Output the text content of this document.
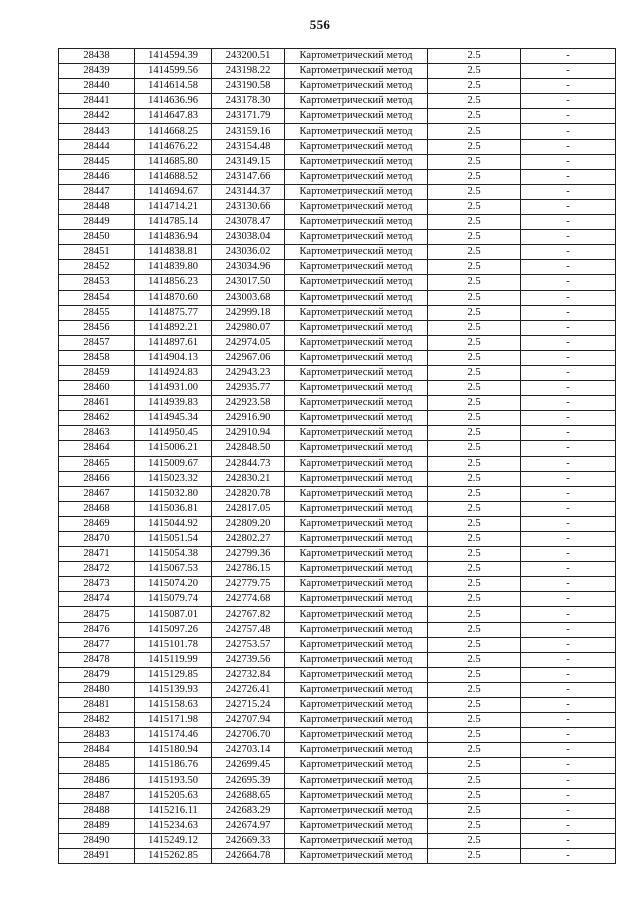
556
28438	1414594.39	243200.51	Картометрический метод	2.5	-
28439	1414599.56	243198.22	Картометрический метод	2.5	-
28440	1414614.58	243190.58	Картометрический метод	2.5	-
28441	1414636.96	243178.30	Картометрический метод	2.5	-
28442	1414647.83	243171.79	Картометрический метод	2.5	-
28443	1414668.25	243159.16	Картометрический метод	2.5	-
28444	1414676.22	243154.48	Картометрический метод	2.5	-
28445	1414685.80	243149.15	Картометрический метод	2.5	-
28446	1414688.52	243147.66	Картометрический метод	2.5	-
28447	1414694.67	243144.37	Картометрический метод	2.5	-
28448	1414714.21	243130.66	Картометрический метод	2.5	-
28449	1414785.14	243078.47	Картометрический метод	2.5	-
28450	1414836.94	243038.04	Картометрический метод	2.5	-
28451	1414838.81	243036.02	Картометрический метод	2.5	-
28452	1414839.80	243034.96	Картометрический метод	2.5	-
28453	1414856.23	243017.50	Картометрический метод	2.5	-
28454	1414870.60	243003.68	Картометрический метод	2.5	-
28455	1414875.77	242999.18	Картометрический метод	2.5	-
28456	1414892.21	242980.07	Картометрический метод	2.5	-
28457	1414897.61	242974.05	Картометрический метод	2.5	-
28458	1414904.13	242967.06	Картометрический метод	2.5	-
28459	1414924.83	242943.23	Картометрический метод	2.5	-
28460	1414931.00	242935.77	Картометрический метод	2.5	-
28461	1414939.83	242923.58	Картометрический метод	2.5	-
28462	1414945.34	242916.90	Картометрический метод	2.5	-
28463	1414950.45	242910.94	Картометрический метод	2.5	-
28464	1415006.21	242848.50	Картометрический метод	2.5	-
28465	1415009.67	242844.73	Картометрический метод	2.5	-
28466	1415023.32	242830.21	Картометрический метод	2.5	-
28467	1415032.80	242820.78	Картометрический метод	2.5	-
28468	1415036.81	242817.05	Картометрический метод	2.5	-
28469	1415044.92	242809.20	Картометрический метод	2.5	-
28470	1415051.54	242802.27	Картометрический метод	2.5	-
28471	1415054.38	242799.36	Картометрический метод	2.5	-
28472	1415067.53	242786.15	Картометрический метод	2.5	-
28473	1415074.20	242779.75	Картометрический метод	2.5	-
28474	1415079.74	242774.68	Картометрический метод	2.5	-
28475	1415087.01	242767.82	Картометрический метод	2.5	-
28476	1415097.26	242757.48	Картометрический метод	2.5	-
28477	1415101.78	242753.57	Картометрический метод	2.5	-
28478	1415119.99	242739.56	Картометрический метод	2.5	-
28479	1415129.85	242732.84	Картометрический метод	2.5	-
28480	1415139.93	242726.41	Картометрический метод	2.5	-
28481	1415158.63	242715.24	Картометрический метод	2.5	-
28482	1415171.98	242707.94	Картометрический метод	2.5	-
28483	1415174.46	242706.70	Картометрический метод	2.5	-
28484	1415180.94	242703.14	Картометрический метод	2.5	-
28485	1415186.76	242699.45	Картометрический метод	2.5	-
28486	1415193.50	242695.39	Картометрический метод	2.5	-
28487	1415205.63	242688.65	Картометрический метод	2.5	-
28488	1415216.11	242683.29	Картометрический метод	2.5	-
28489	1415234.63	242674.97	Картометрический метод	2.5	-
28490	1415249.12	242669.33	Картометрический метод	2.5	-
28491	1415262.85	242664.78	Картометрический метод	2.5	-
